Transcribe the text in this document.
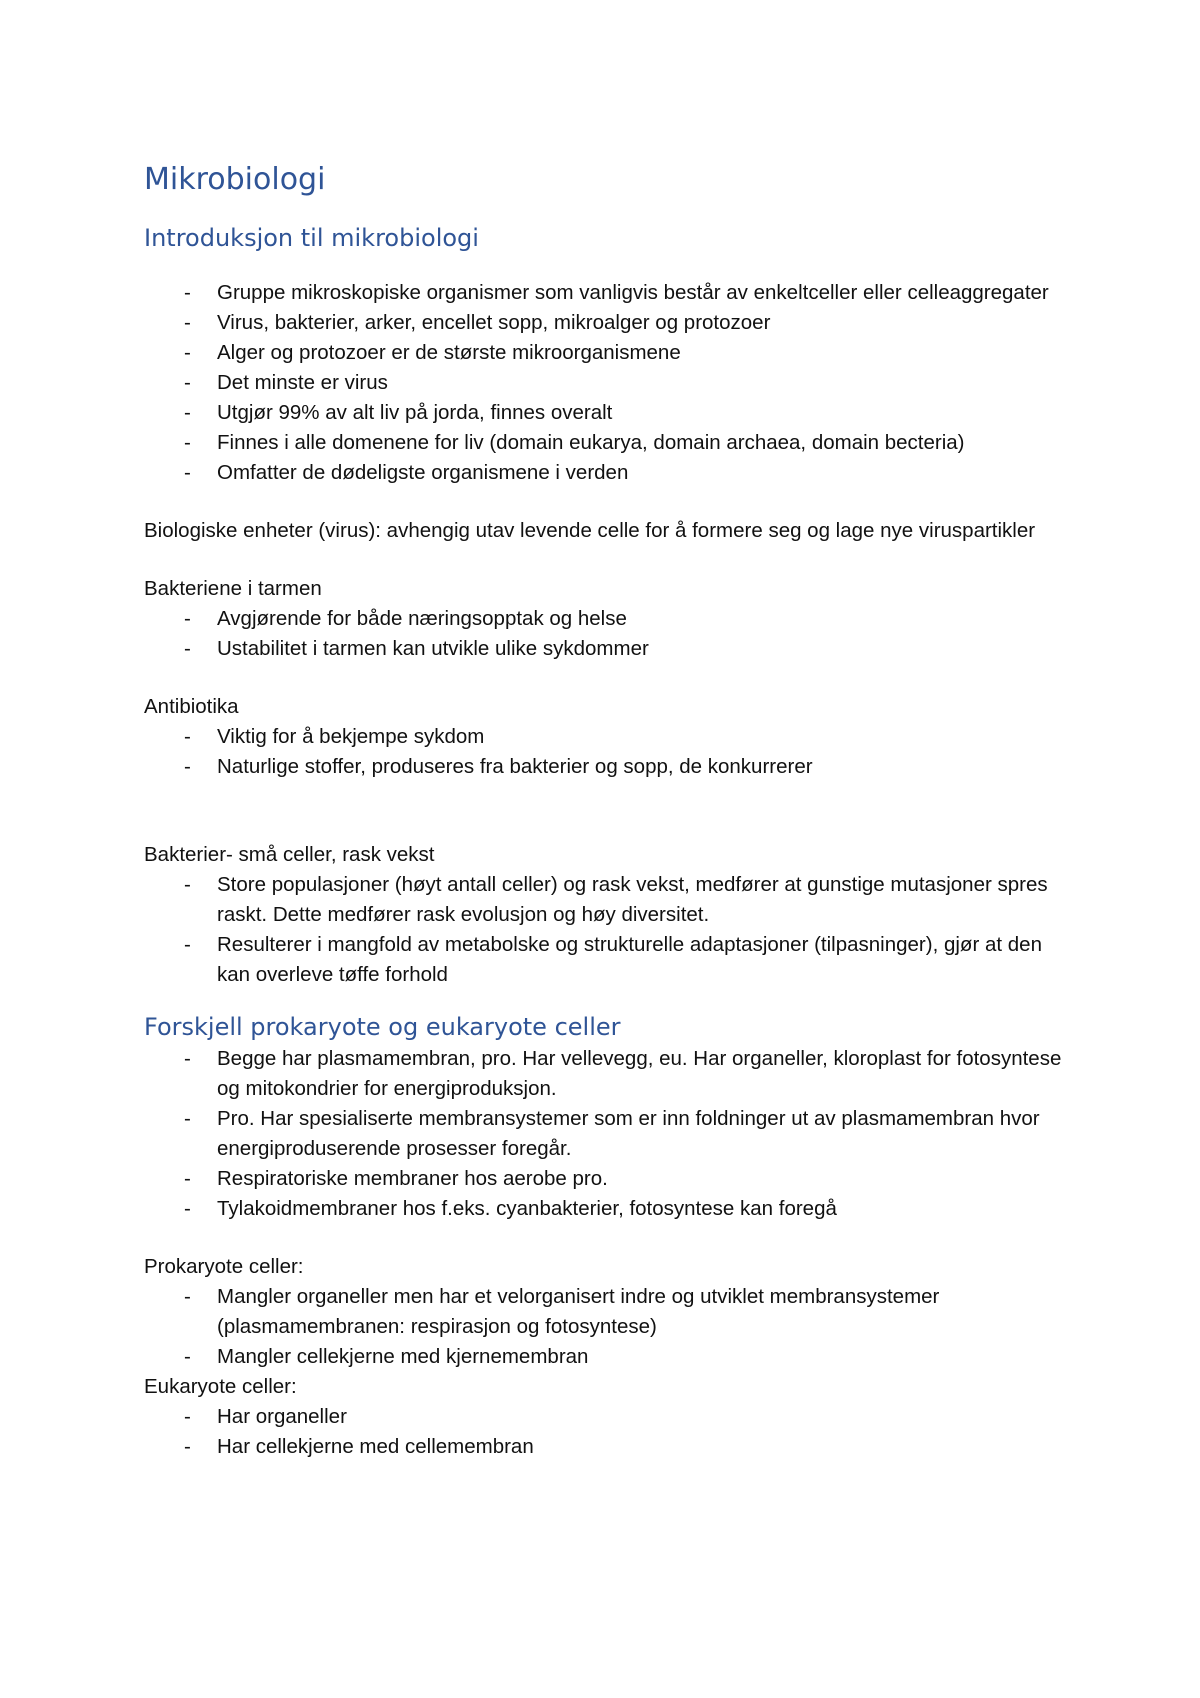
Mikrobiologi
Introduksjon til mikrobiologi
- Gruppe mikroskopiske organismer som vanligvis består av enkeltceller eller celleaggregater
- Virus, bakterier, arker, encellet sopp, mikroalger og protozoer
- Alger og protozoer er de største mikroorganismene
- Det minste er virus
- Utgjør 99% av alt liv på jorda, finnes overalt
- Finnes i alle domenene for liv (domain eukarya, domain archaea, domain becteria)
- Omfatter de dødeligste organismene i verden

Biologiske enheter (virus): avhengig utav levende celle for å formere seg og lage nye viruspartikler

Bakteriene i tarmen

- Avgjørende for både næringsopptak og helse
- Ustabilitet i tarmen kan utvikle ulike sykdommer

Antibiotika

- Viktig for å bekjempe sykdom
- Naturlige stoffer, produseres fra bakterier og sopp, de konkurrerer

Bakterier- små celler, rask vekst

- Store populasjoner (høyt antall celler) og rask vekst, medfører at gunstige mutasjoner spres raskt. Dette medfører rask evolusjon og høy diversitet.
- Resulterer i mangfold av metabolske og strukturelle adaptasjoner (tilpasninger), gjør at den kan overleve tøffe forhold
Forskjell prokaryote og eukaryote celler
- Begge har plasmamembran, pro. Har vellevegg, eu. Har organeller, kloroplast for fotosyntese og mitokondrier for energiproduksjon.
- Pro. Har spesialiserte membransystemer som er inn foldninger ut av plasmamembran hvor energiproduserende prosesser foregår.
- Respiratoriske membraner hos aerobe pro.
- Tylakoidmembraner hos f.eks. cyanbakterier, fotosyntese kan foregå

Prokaryote celler:

- Mangler organeller men har et velorganisert indre og utviklet membransystemer (plasmamembranen: respirasjon og fotosyntese)
- Mangler cellekjerne med kjernemembran

Eukaryote celler:

- Har organeller
- Har cellekjerne med cellemembran
